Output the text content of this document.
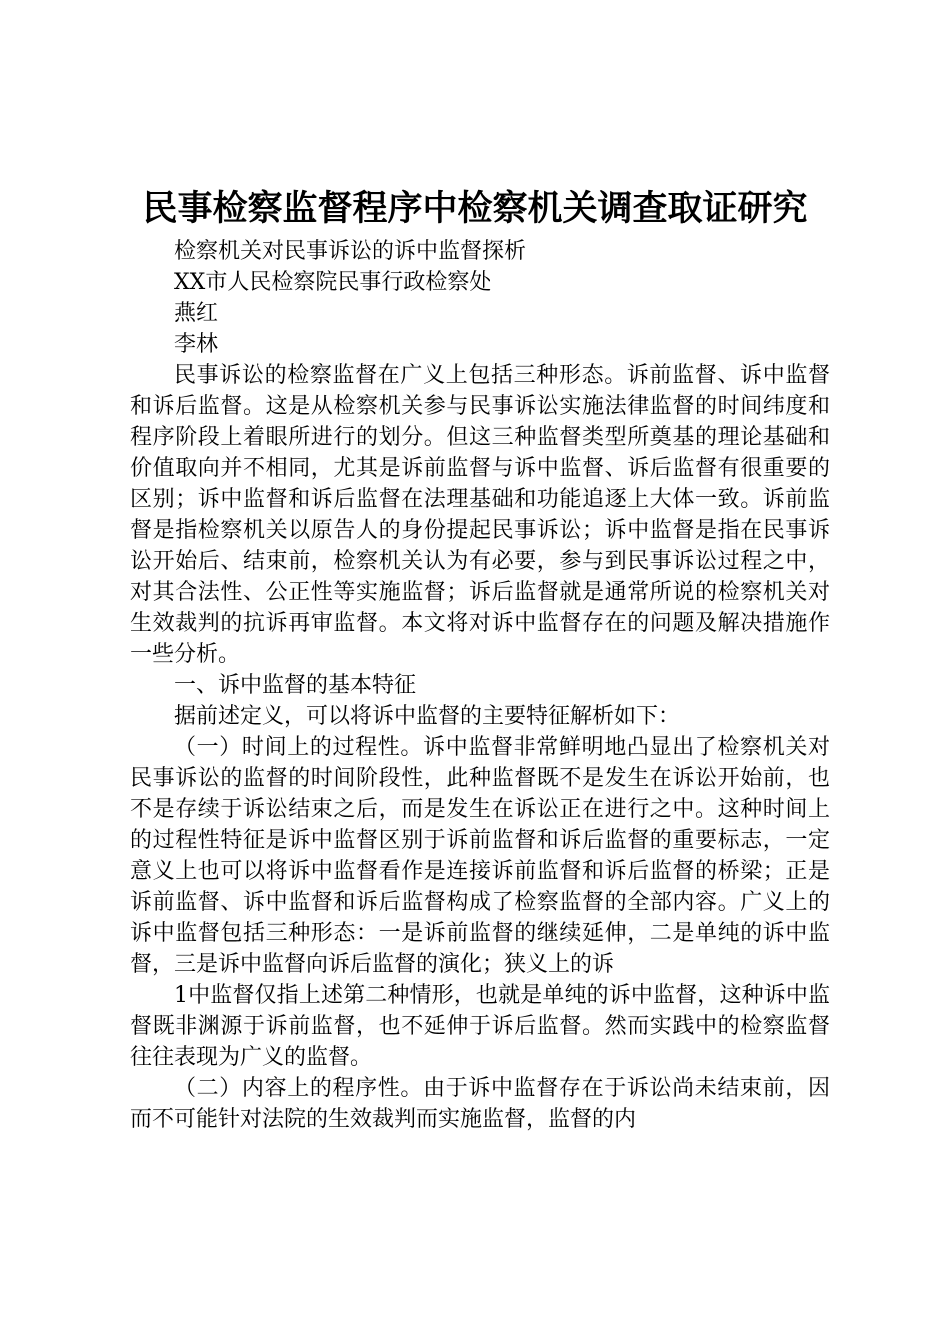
民事检察监督程序中检察机关调查取证研究

检察机关对民事诉讼的诉中监督探析

XX市人民检察院民事行政检察处

燕红

李林

民事诉讼的检察监督在广义上包括三种形态。诉前监督、诉中监督和诉后监督。这是从检察机关参与民事诉讼实施法律监督的时间纬度和程序阶段上着眼所进行的划分。但这三种监督类型所奠基的理论基础和价值取向并不相同，尤其是诉前监督与诉中监督、诉后监督有很重要的区别；诉中监督和诉后监督在法理基础和功能追逐上大体一致。诉前监督是指检察机关以原告人的身份提起民事诉讼；诉中监督是指在民事诉讼开始后、结束前，检察机关认为有必要，参与到民事诉讼过程之中，对其合法性、公正性等实施监督；诉后监督就是通常所说的检察机关对生效裁判的抗诉再审监督。本文将对诉中监督存在的问题及解决措施作一些分析。

一、诉中监督的基本特征

据前述定义，可以将诉中监督的主要特征解析如下：

（一）时间上的过程性。诉中监督非常鲜明地凸显出了检察机关对民事诉讼的监督的时间阶段性，此种监督既不是发生在诉讼开始前，也不是存续于诉讼结束之后，而是发生在诉讼正在进行之中。这种时间上的过程性特征是诉中监督区别于诉前监督和诉后监督的重要标志，一定意义上也可以将诉中监督看作是连接诉前监督和诉后监督的桥梁；正是诉前监督、诉中监督和诉后监督构成了检察监督的全部内容。广义上的诉中监督包括三种形态：一是诉前监督的继续延伸，二是单纯的诉中监督，三是诉中监督向诉后监督的演化；狭义上的诉

1中监督仅指上述第二种情形，也就是单纯的诉中监督，这种诉中监督既非渊源于诉前监督，也不延伸于诉后监督。然而实践中的检察监督往往表现为广义的监督。

（二）内容上的程序性。由于诉中监督存在于诉讼尚未结束前，因而不可能针对法院的生效裁判而实施监督，监督的内
